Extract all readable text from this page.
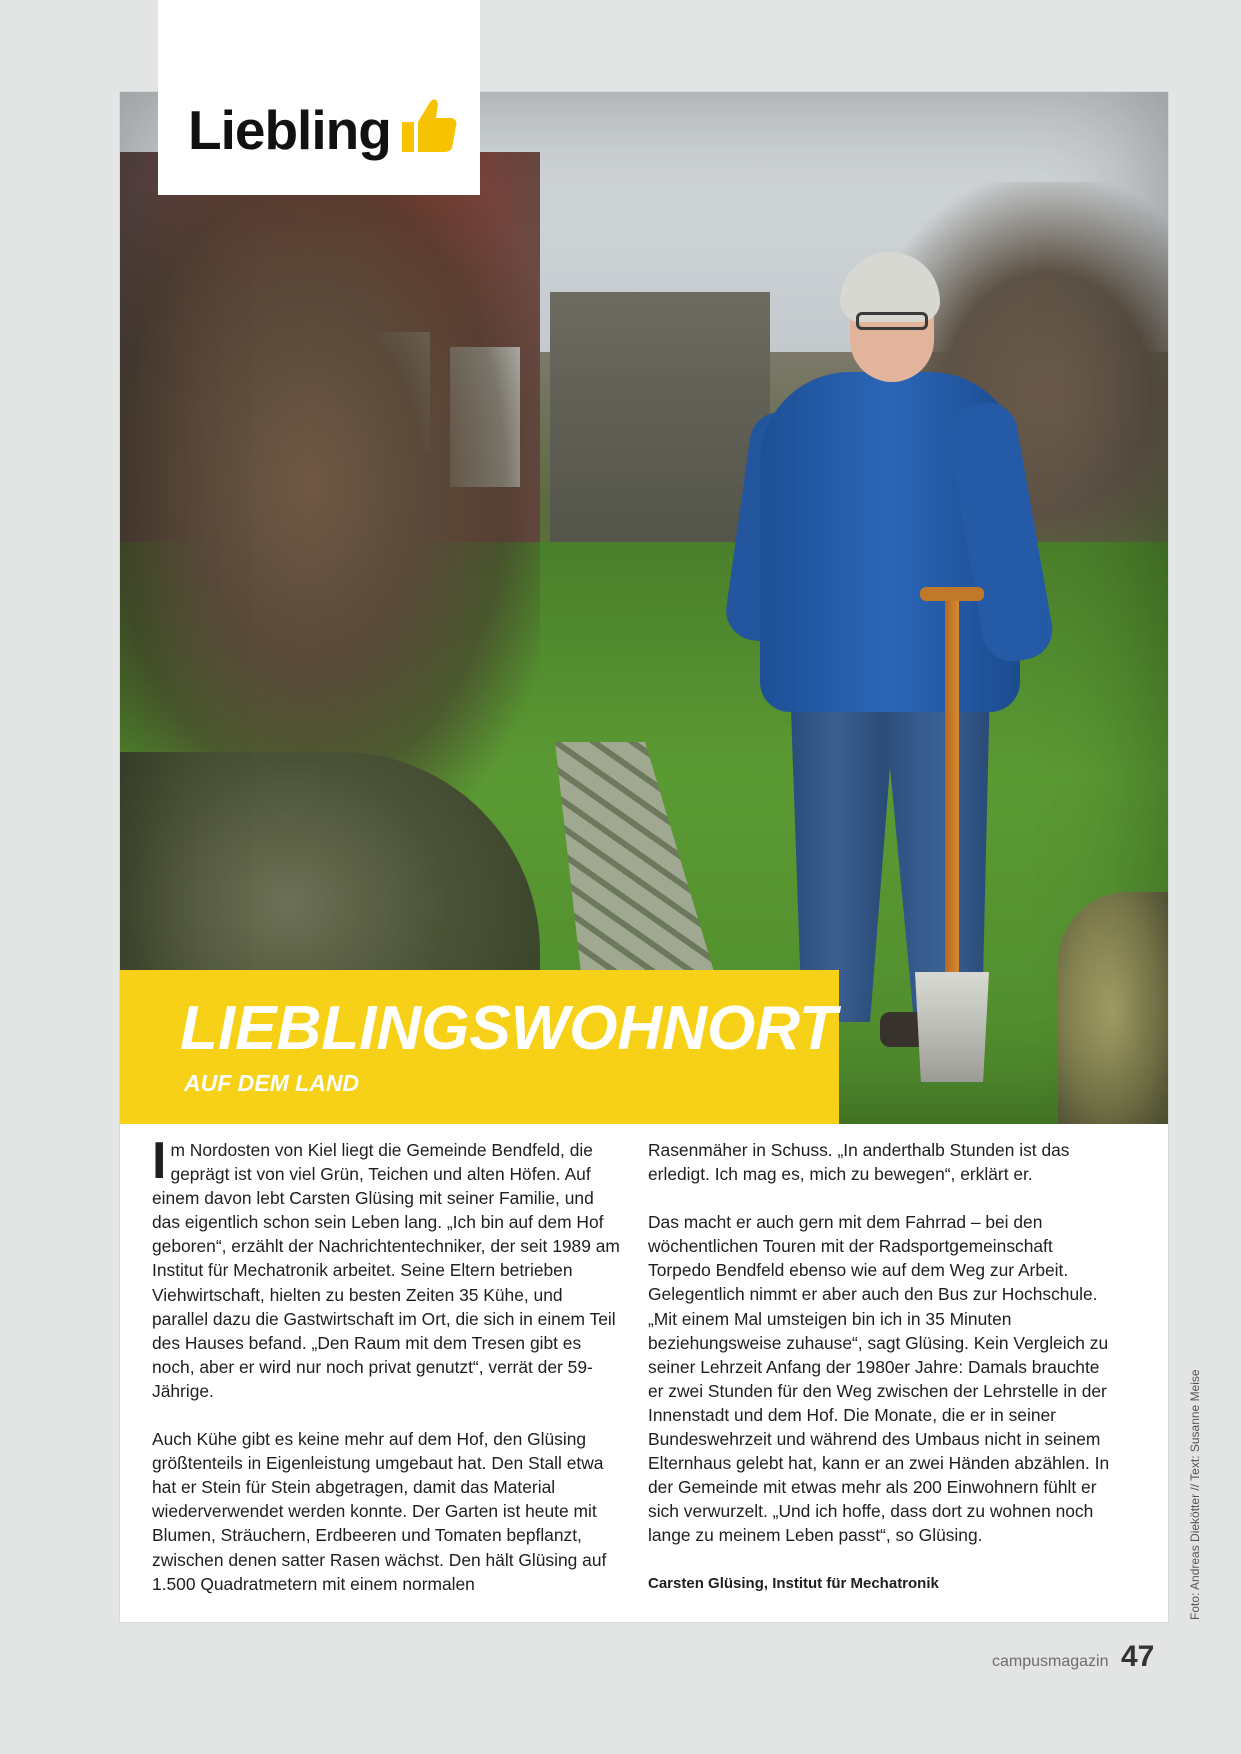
Liebling
LIEBLINGSWOHNORT
AUF DEM LAND

Im Nordosten von Kiel liegt die Gemeinde Bendfeld, die geprägt ist von viel Grün, Teichen und alten Höfen. Auf einem davon lebt Carsten Glüsing mit seiner Familie, und das eigentlich schon sein Leben lang. „Ich bin auf dem Hof geboren“, erzählt der Nachrichtentechniker, der seit 1989 am Institut für Mechatronik arbeitet. Seine Eltern betrieben Viehwirtschaft, hielten zu besten Zeiten 35 Kühe, und parallel dazu die Gastwirtschaft im Ort, die sich in einem Teil des Hauses befand. „Den Raum mit dem Tresen gibt es noch, aber er wird nur noch privat genutzt“, verrät der 59-Jährige.

Auch Kühe gibt es keine mehr auf dem Hof, den Glüsing größtenteils in Eigenleistung umgebaut hat. Den Stall etwa hat er Stein für Stein abgetragen, damit das Material wiederverwendet werden konnte. Der Garten ist heute mit Blumen, Sträuchern, Erdbeeren und Tomaten bepflanzt, zwischen denen satter Rasen wächst. Den hält Glüsing auf 1.500 Quadratmetern mit einem normalen

Rasenmäher in Schuss. „In anderthalb Stunden ist das erledigt. Ich mag es, mich zu bewegen“, erklärt er.

Das macht er auch gern mit dem Fahrrad – bei den wöchentlichen Touren mit der Radsportgemeinschaft Torpedo Bendfeld ebenso wie auf dem Weg zur Arbeit. Gelegentlich nimmt er aber auch den Bus zur Hochschule. „Mit einem Mal umsteigen bin ich in 35 Minuten beziehungsweise zuhause“, sagt Glüsing. Kein Vergleich zu seiner Lehrzeit Anfang der 1980er Jahre: Damals brauchte er zwei Stunden für den Weg zwischen der Lehrstelle in der Innenstadt und dem Hof. Die Monate, die er in seiner Bundeswehrzeit und während des Umbaus nicht in seinem Elternhaus gelebt hat, kann er an zwei Händen abzählen. In der Gemeinde mit etwas mehr als 200 Einwohnern fühlt er sich verwurzelt. „Und ich hoffe, dass dort zu wohnen noch lange zu meinem Leben passt“, so Glüsing.

Carsten Glüsing, Institut für Mechatronik	Foto: Andreas Diekötter // Text: Susanne Meise
campusmagazin 47
